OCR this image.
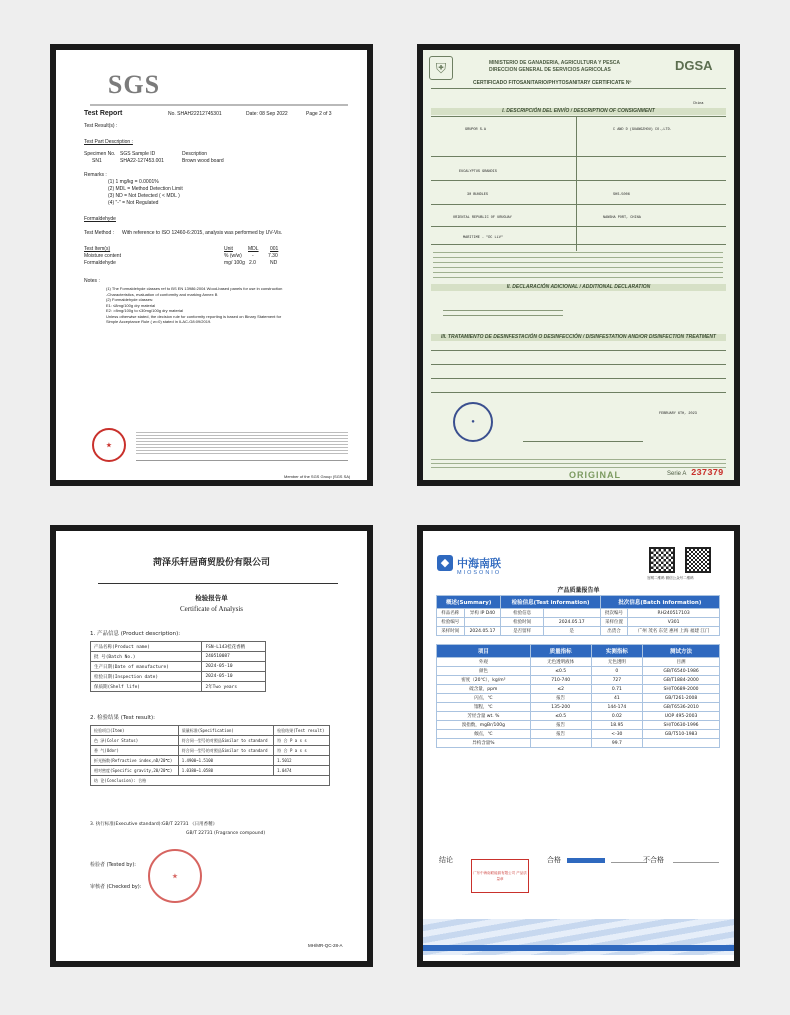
SGS
Test Report	No. SHAH22212745301	Date: 08 Sep 2022	Page 2 of 3
Test Result(s) :
Test Part Description :
Specimen No. SGS Sample ID	Description
SN1	SHA22-127453.001	Brown wood board
Remarks :
(1) 1 mg/kg = 0.0001%
(2) MDL = Method Detection Limit
(3) ND = Not Detected ( < MDL )
(4) "-" = Not Regulated
Formaldehyde
Test Method : With reference to ISO 12460-6:2015, analysis was performed by UV-Vis.
Test Item(s)	Unit	MDL 001
Moisture content	% (w/w) -	7.30
Formaldehyde	mg/ 100g 2.0	ND
Notes :
(1) The Formaldehyde classes ref to BS EN 13986:2004 Wood-based panels for use in construction
-Characteristics, evaluation of conformity and marking Annex B
(2) Formaldehyde classes:
E1: ≤8mg/100g dry material
E2: >8mg/100g to ≤30mg/100g dry material
Unless otherwise stated, the decision rule for conformity reporting is based on Binary Statement for
Simple Acceptance Rule ( w=0) stated in ILAC-G8:09/2019.
★
Member of the SGS Group (SGS SA)
⛨	MINISTERIO DE GANADERIA, AGRICULTURA Y PESCA
DIRECCION GENERAL DE SERVICIOS AGRICOLAS	DGSA
CERTIFICADO FITOSANITARIO/PHYTOSANITARY CERTIFICATE Nº
China
I. DESCRIPCIÓN DEL ENVÍO / DESCRIPTION OF CONSIGNMENT
GRUPOR S.A	C AND D (GUANGZHOU) CO.,LTD.
EUCALYPTUS GRANDIS
30 BUNDLES	SHS-5006
ORIENTAL REPUBLIC OF URUGUAY	NANSHA PORT, CHINA
MARITIME - "DC LLV"
II. DECLARACIÓN ADICIONAL / ADDITIONAL DECLARATION
III. TRATAMIENTO DE DESINFESTACIÓN O DESINFECCIÓN / DISINFESTATION AND/OR DISINFECTION TREATMENT
●
FEBRUARY 6TH, 2023
ORIGINAL	Serie A 237379
菏泽乐轩居商贸股份有限公司
检验报告单
Certificate of Analysis
1. 产品信息 (Product description):
产品名称(Product name)	FSN-L143桂花香精
批 号(Batch No.)	240510087
生产日期(Date of manufacture)	2024-05-10
检验日期(Inspection date)	2024-05-10
保质期(Shelf life)	2年Two years
2. 检验结果 (Test result):
检验项目(Item)	质量标准(Specification)	检验结果(Test result)
色 泽(Color Status)	符合同一型号的对照品Similar to standard	符 合 P a s s
香 气(Odor)	符合同一型号的对照品Similar to standard	符 合 P a s s
折光指数(Refractive index,nD/20℃)	1.4900~1.5100	1.5012
相对密度(Specific gravity,20/20℃)	1.0380~1.0580	1.0474
结 论(Conclusion): 合格		
3. 执行标准(Executive standard):GB/T 22731 《日用香精》
GB/T 22731 (Fragrance compound)
检验者 (Tested by):
审核者 (Checked by):
★
MH/MR-QC-28-A
◆ 中海南联
MIOSONIO
官网二维码 微信公众号二维码
产品质量报告单
概述(Summary)		检验信息(Test information)		批次信息(Batch information)	
样品名称	异构 IP D40	检验信息		批次编号	RH240517103
检验编号		检验时间	2024.05.17	采样位置	V301
采样时间	2024.05.17	是否留样	是	出货合	广州 茂名 东莞 惠州 上海 福建 江门
项目	质量指标	实测指标	测试方法
外观	无色透明液体	无色透明	目测
颜色	≤0.5	0	GB/T6540-1986
密度（20℃），kg/m³	710-740	727	GB/T1884-2000
硫含量，ppm	≤2	0.71	SH/T0689-2000
闪点，℃	报告	41	GB/T261-2008
馏程，℃	135-200	144-174	GB/T6536-2010
芳烃含量 wt. %	≤0.5	0.02	UOP 495-2003
溴指数，mgBr/100g	报告	18.95	SH/T0630-1996
倾点，℃	报告	<-30	GB/T510-1983
异构含量%		99.7	
结论	合格	不合格
广东中海南联能源有限公司 产品质量章
